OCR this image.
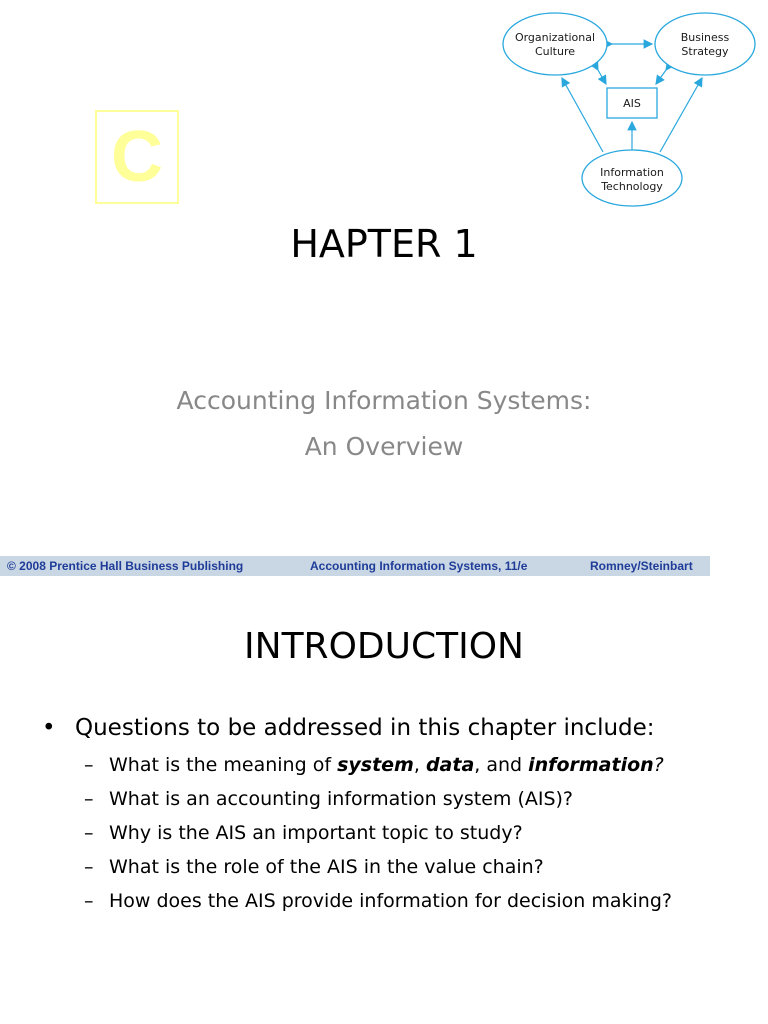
Organizational
Culture
Business
Strategy
AIS
Information
Technology
C
HAPTER 1
Accounting Information Systems:
An Overview
© 2008 Prentice Hall Business Publishing	Accounting Information Systems, 11/e	Romney/Steinbart
INTRODUCTION
• Questions to be addressed in this chapter include:
– What is the meaning of system, data, and information?
– What is an accounting information system (AIS)?
– Why is the AIS an important topic to study?
– What is the role of the AIS in the value chain?
– How does the AIS provide information for decision making?
